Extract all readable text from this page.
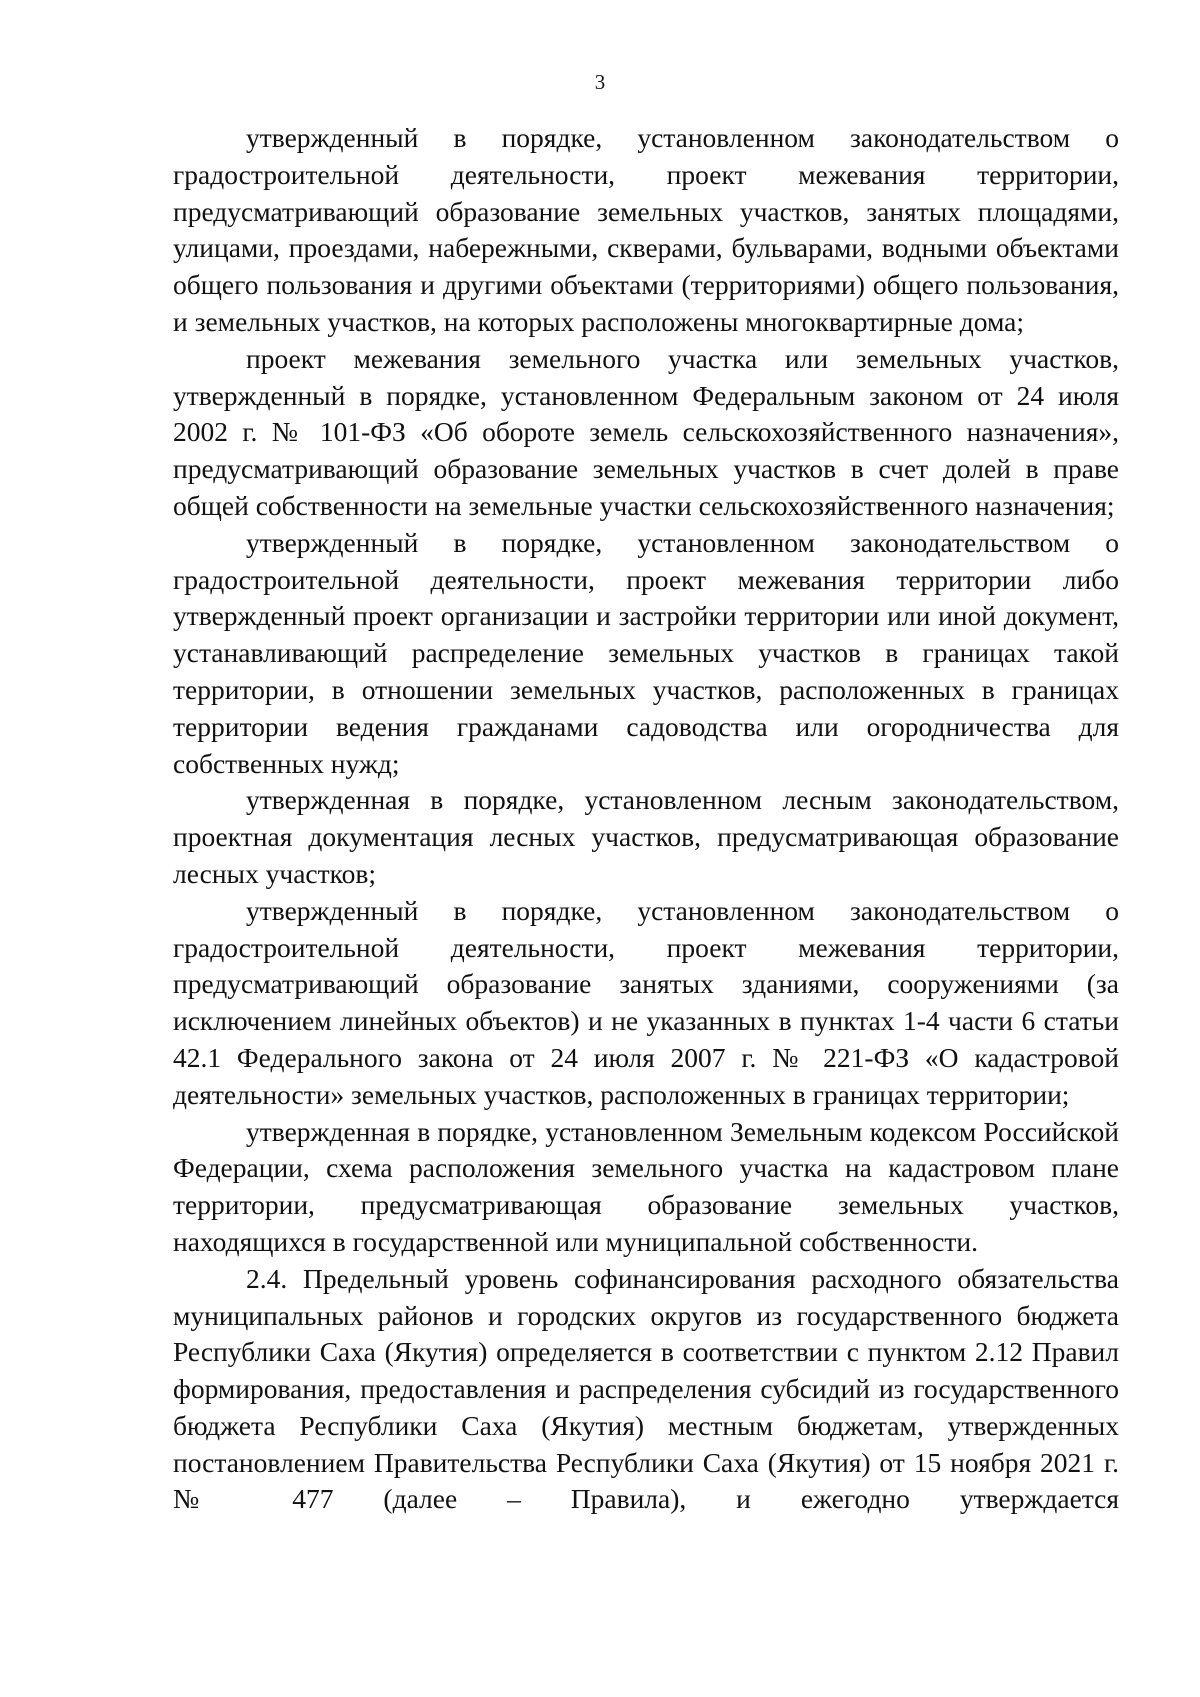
3

утвержденный в порядке, установленном законодательством о градостроительной деятельности, проект межевания территории, предусматривающий образование земельных участков, занятых площадями, улицами, проездами, набережными, скверами, бульварами, водными объектами общего пользования и другими объектами (территориями) общего пользования, и земельных участков, на которых расположены многоквартирные дома;

проект межевания земельного участка или земельных участков, утвержденный в порядке, установленном Федеральным законом от 24 июля 2002 г. № 101-ФЗ «Об обороте земель сельскохозяйственного назначения», предусматривающий образование земельных участков в счет долей в праве общей собственности на земельные участки сельскохозяйственного назначения;

утвержденный в порядке, установленном законодательством о градостроительной деятельности, проект межевания территории либо утвержденный проект организации и застройки территории или иной документ, устанавливающий распределение земельных участков в границах такой территории, в отношении земельных участков, расположенных в границах территории ведения гражданами садоводства или огородничества для собственных нужд;

утвержденная в порядке, установленном лесным законодательством, проектная документация лесных участков, предусматривающая образование лесных участков;

утвержденный в порядке, установленном законодательством о градостроительной деятельности, проект межевания территории, предусматривающий образование занятых зданиями, сооружениями (за исключением линейных объектов) и не указанных в пунктах 1-4 части 6 статьи 42.1 Федерального закона от 24 июля 2007 г. № 221-ФЗ «О кадастровой деятельности» земельных участков, расположенных в границах территории;

утвержденная в порядке, установленном Земельным кодексом Российской Федерации, схема расположения земельного участка на кадастровом плане территории, предусматривающая образование земельных участков, находящихся в государственной или муниципальной собственности.

2.4. Предельный уровень софинансирования расходного обязательства муниципальных районов и городских округов из государственного бюджета Республики Саха (Якутия) определяется в соответствии с пунктом 2.12 Правил формирования, предоставления и распределения субсидий из государственного бюджета Республики Саха (Якутия) местным бюджетам, утвержденных постановлением Правительства Республики Саха (Якутия) от 15 ноября 2021 г. № 477 (далее – Правила), и ежегодно утверждается
